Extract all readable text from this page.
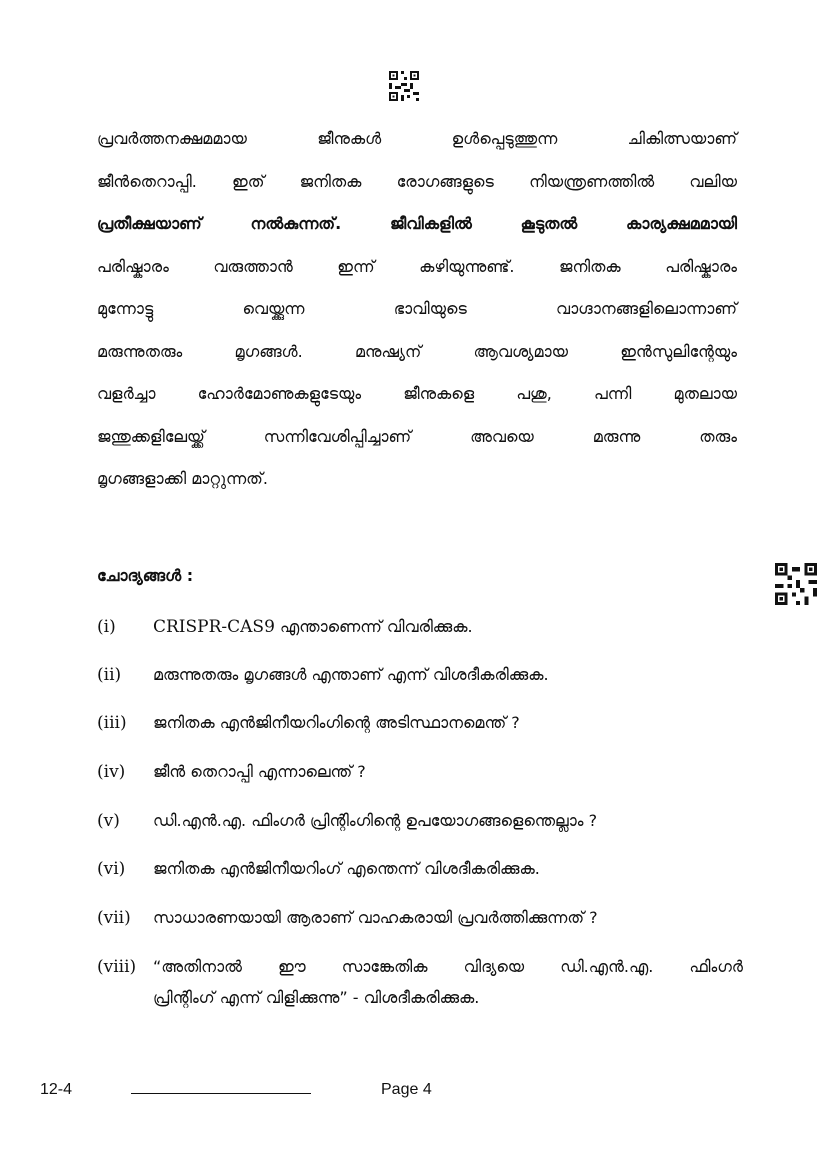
പ്രവർത്തനക്ഷമമായ ജീനുകൾ ഉൾപ്പെടുത്തുന്ന ചികിത്സയാണ്
ജീൻതെറാപ്പി. ഇത് ജനിതക രോഗങ്ങളുടെ നിയന്ത്രണത്തിൽ വലിയ
പ്രതീക്ഷയാണ് നൽകുന്നത്. ജീവികളിൽ കൂടുതൽ കാര്യക്ഷമമായി
പരിഷ്കാരം വരുത്താൻ ഇന്ന് കഴിയുന്നുണ്ട്. ജനിതക പരിഷ്കാരം
മുന്നോട്ടു വെയ്ക്കുന്ന ഭാവിയുടെ വാഗ്ദാനങ്ങളിലൊന്നാണ്
മരുന്നുതരും മൃഗങ്ങൾ. മനുഷ്യന് ആവശ്യമായ ഇൻസുലിന്റേയും
വളർച്ചാ ഹോർമോണുകളുടേയും ജീനുകളെ പശു, പന്നി മുതലായ
ജന്തുക്കളിലേയ്ക്ക് സന്നിവേശിപ്പിച്ചാണ് അവയെ മരുന്നു തരും
മൃഗങ്ങളാക്കി മാറ്റുന്നത്.
ചോദ്യങ്ങൾ :
(i) CRISPR-CAS9 എന്താണെന്ന് വിവരിക്കുക.
(ii) മരുന്നുതരും മൃഗങ്ങൾ എന്താണ് എന്ന് വിശദീകരിക്കുക.
(iii) ജനിതക എൻജിനീയറിംഗിന്റെ അടിസ്ഥാനമെന്ത് ?
(iv) ജീൻ തെറാപ്പി എന്നാലെന്ത് ?
(v) ഡി.എൻ.എ. ഫിംഗർ പ്രിന്റിംഗിന്റെ ഉപയോഗങ്ങളെന്തെല്ലാം ?
(vi) ജനിതക എൻജിനീയറിംഗ് എന്തെന്ന് വിശദീകരിക്കുക.
(vii) സാധാരണയായി ആരാണ് വാഹകരായി പ്രവർത്തിക്കുന്നത് ?
(viii) “അതിനാൽ ഈ സാങ്കേതിക വിദ്യയെ ഡി.എൻ.എ. ഫിംഗർ
പ്രിന്റിംഗ് എന്ന് വിളിക്കുന്നു” - വിശദീകരിക്കുക.
12-4	Page 4
